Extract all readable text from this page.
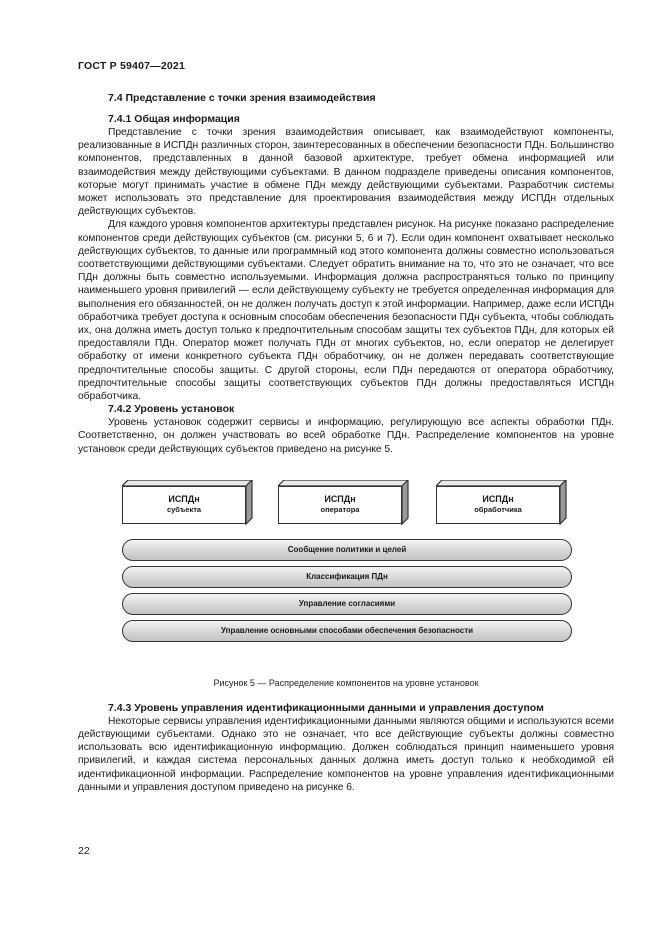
ГОСТ Р 59407—2021
7.4 Представление с точки зрения взаимодействия
7.4.1 Общая информация

Представление с точки зрения взаимодействия описывает, как взаимодействуют компоненты, реализованные в ИСПДн различных сторон, заинтересованных в обеспечении безопасности ПДн. Большинство компонентов, представленных в данной базовой архитектуре, требует обмена информацией или взаимодействия между действующими субъектами. В данном подразделе приведены описания компонентов, которые могут принимать участие в обмене ПДн между действующими субъектами. Разработчик системы может использовать это представление для проектирования взаимодействия между ИСПДн отдельных действующих субъектов.

Для каждого уровня компонентов архитектуры представлен рисунок. На рисунке показано распределение компонентов среди действующих субъектов (см. рисунки 5, 6 и 7). Если один компонент охватывает несколько действующих субъектов, то данные или программный код этого компонента должны совместно использоваться соответствующими действующими субъектами. Следует обратить внимание на то, что это не означает, что все ПДн должны быть совместно используемыми. Информация должна распространяться только по принципу наименьшего уровня привилегий — если действующему субъекту не требуется определенная информация для выполнения его обязанностей, он не должен получать доступ к этой информации. Например, даже если ИСПДн обработчика требует доступа к основным способам обеспечения безопасности ПДн субъекта, чтобы соблюдать их, она должна иметь доступ только к предпочтительным способам защиты тех субъектов ПДн, для которых ей предоставляли ПДн. Оператор может получать ПДн от многих субъектов, но, если оператор не делегирует обработку от имени конкретного субъекта ПДн обработчику, он не должен передавать соответствующие предпочтительные способы защиты. С другой стороны, если ПДн передаются от оператора обработчику, предпочтительные способы защиты соответствующих субъектов ПДн должны предоставляться ИСПДн обработчика.

7.4.2 Уровень установок

Уровень установок содержит сервисы и информацию, регулирующую все аспекты обработки ПДн. Соответственно, он должен участвовать во всей обработке ПДн. Распределение компонентов на уровне установок среди действующих субъектов приведено на рисунке 5.

ИСПДн
субъекта
ИСПДн
оператора
ИСПДн
обработчика
Сообщение политики и целей
Классификация ПДн
Управление согласиями
Управление основными способами обеспечения безопасности
Рисунок 5 — Распределение компонентов на уровне установок
7.4.3 Уровень управления идентификационными данными и управления доступом

Некоторые сервисы управления идентификационными данными являются общими и используются всеми действующими субъектами. Однако это не означает, что все действующие субъекты должны совместно использовать всю идентификационную информацию. Должен соблюдаться принцип наименьшего уровня привилегий, и каждая система персональных данных должна иметь доступ только к необходимой ей идентификационной информации. Распределение компонентов на уровне управления идентификационными данными и управления доступом приведено на рисунке 6.

22
